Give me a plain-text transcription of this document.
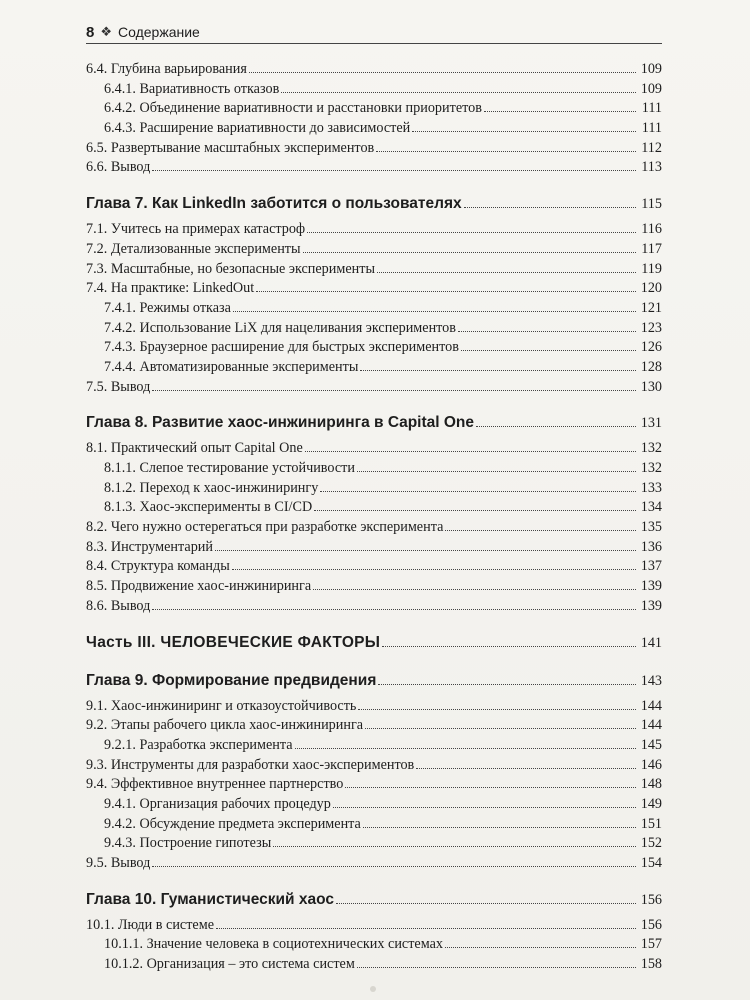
8 ❖ Содержание
6.4. Глубина варьирования	109
6.4.1. Вариативность отказов	109
6.4.2. Объединение вариативности и расстановки приоритетов	111
6.4.3. Расширение вариативности до зависимостей	111
6.5. Развертывание масштабных экспериментов	112
6.6. Вывод	113
Глава 7. Как LinkedIn заботится о пользователях	115
7.1. Учитесь на примерах катастроф	116
7.2. Детализованные эксперименты	117
7.3. Масштабные, но безопасные эксперименты	119
7.4. На практике: LinkedOut	120
7.4.1. Режимы отказа	121
7.4.2. Использование LiX для нацеливания экспериментов	123
7.4.3. Браузерное расширение для быстрых экспериментов	126
7.4.4. Автоматизированные эксперименты	128
7.5. Вывод	130
Глава 8. Развитие хаос-инжиниринга в Capital One	131
8.1. Практический опыт Capital One	132
8.1.1. Слепое тестирование устойчивости	132
8.1.2. Переход к хаос-инжинирингу	133
8.1.3. Хаос-эксперименты в CI/CD	134
8.2. Чего нужно остерегаться при разработке эксперимента	135
8.3. Инструментарий	136
8.4. Структура команды	137
8.5. Продвижение хаос-инжиниринга	139
8.6. Вывод	139
Часть III. ЧЕЛОВЕЧЕСКИЕ ФАКТОРЫ	141
Глава 9. Формирование предвидения	143
9.1. Хаос-инжиниринг и отказоустойчивость	144
9.2. Этапы рабочего цикла хаос-инжиниринга	144
9.2.1. Разработка эксперимента	145
9.3. Инструменты для разработки хаос-экспериментов	146
9.4. Эффективное внутреннее партнерство	148
9.4.1. Организация рабочих процедур	149
9.4.2. Обсуждение предмета эксперимента	151
9.4.3. Построение гипотезы	152
9.5. Вывод	154
Глава 10. Гуманистический хаос	156
10.1. Люди в системе	156
10.1.1. Значение человека в социотехнических системах	157
10.1.2. Организация – это система систем	158
